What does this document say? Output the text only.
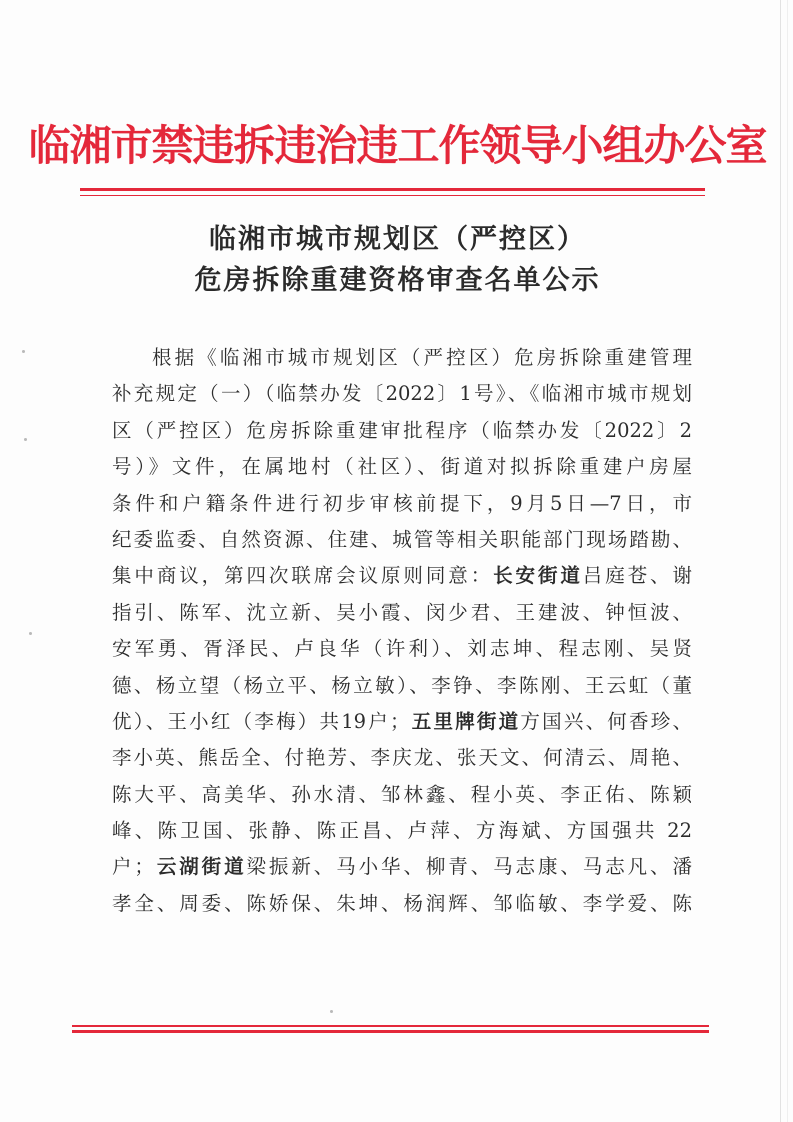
临湘市禁违拆违治违工作领导小组办公室
临湘市城市规划区（严控区）
危房拆除重建资格审查名单公示
根据《临湘市城市规划区（严控区）危房拆除重建管理
补充规定（一）（临禁办发〔2022〕1号》、《临湘市城市规划
区（严控区）危房拆除重建审批程序（临禁办发〔2022〕2
号）》文件，在属地村（社区）、街道对拟拆除重建户房屋
条件和户籍条件进行初步审核前提下，9月5日—7日，市
纪委监委、自然资源、住建、城管等相关职能部门现场踏勘、
集中商议，第四次联席会议原则同意：长安街道吕庭苍、谢
指引、陈军、沈立新、吴小霞、闵少君、王建波、钟恒波、
安军勇、胥泽民、卢良华（许利）、刘志坤、程志刚、吴贤
德、杨立望（杨立平、杨立敏）、李铮、李陈刚、王云虹（董
优）、王小红（李梅）共19户；五里牌街道方国兴、何香珍、
李小英、熊岳全、付艳芳、李庆龙、张天文、何清云、周艳、
陈大平、高美华、孙水清、邹林鑫、程小英、李正佑、陈颖
峰、陈卫国、张静、陈正昌、卢萍、方海斌、方国强共 22
户；云湖街道梁振新、马小华、柳青、马志康、马志凡、潘
孝全、周委、陈娇保、朱坤、杨润辉、邹临敏、李学爱、陈
